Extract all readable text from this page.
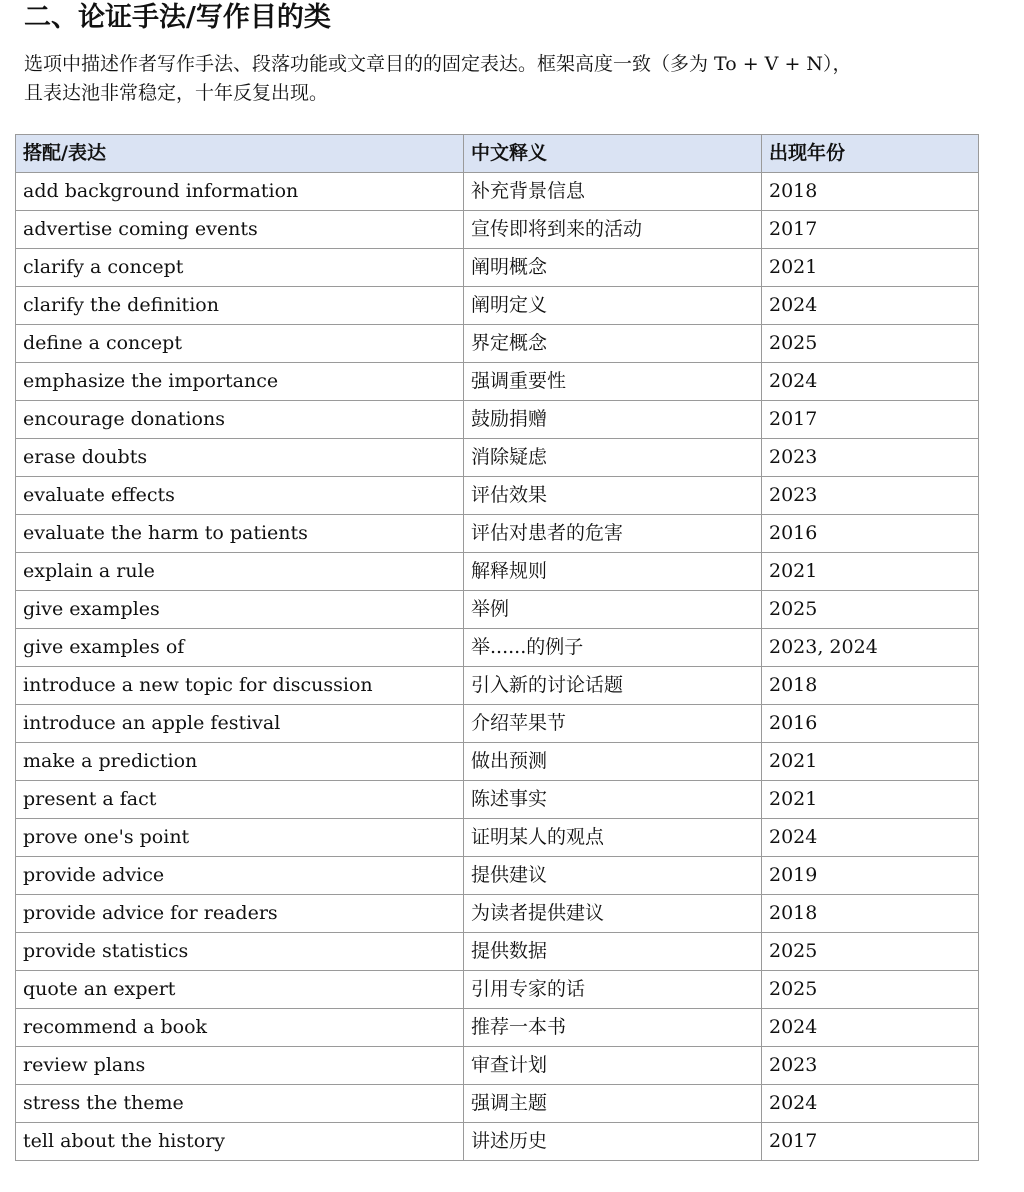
二、论证手法/写作目的类

选项中描述作者写作手法、段落功能或文章目的的固定表达。框架高度一致（多为 To + V + N），

且表达池非常稳定，十年反复出现。

搭配/表达	中文释义	出现年份
add background information	补充背景信息	2018
advertise coming events	宣传即将到来的活动	2017
clarify a concept	阐明概念	2021
clarify the definition	阐明定义	2024
define a concept	界定概念	2025
emphasize the importance	强调重要性	2024
encourage donations	鼓励捐赠	2017
erase doubts	消除疑虑	2023
evaluate effects	评估效果	2023
evaluate the harm to patients	评估对患者的危害	2016
explain a rule	解释规则	2021
give examples	举例	2025
give examples of	举......的例子	2023, 2024
introduce a new topic for discussion	引入新的讨论话题	2018
introduce an apple festival	介绍苹果节	2016
make a prediction	做出预测	2021
present a fact	陈述事实	2021
prove one's point	证明某人的观点	2024
provide advice	提供建议	2019
provide advice for readers	为读者提供建议	2018
provide statistics	提供数据	2025
quote an expert	引用专家的话	2025
recommend a book	推荐一本书	2024
review plans	审查计划	2023
stress the theme	强调主题	2024
tell about the history	讲述历史	2017
